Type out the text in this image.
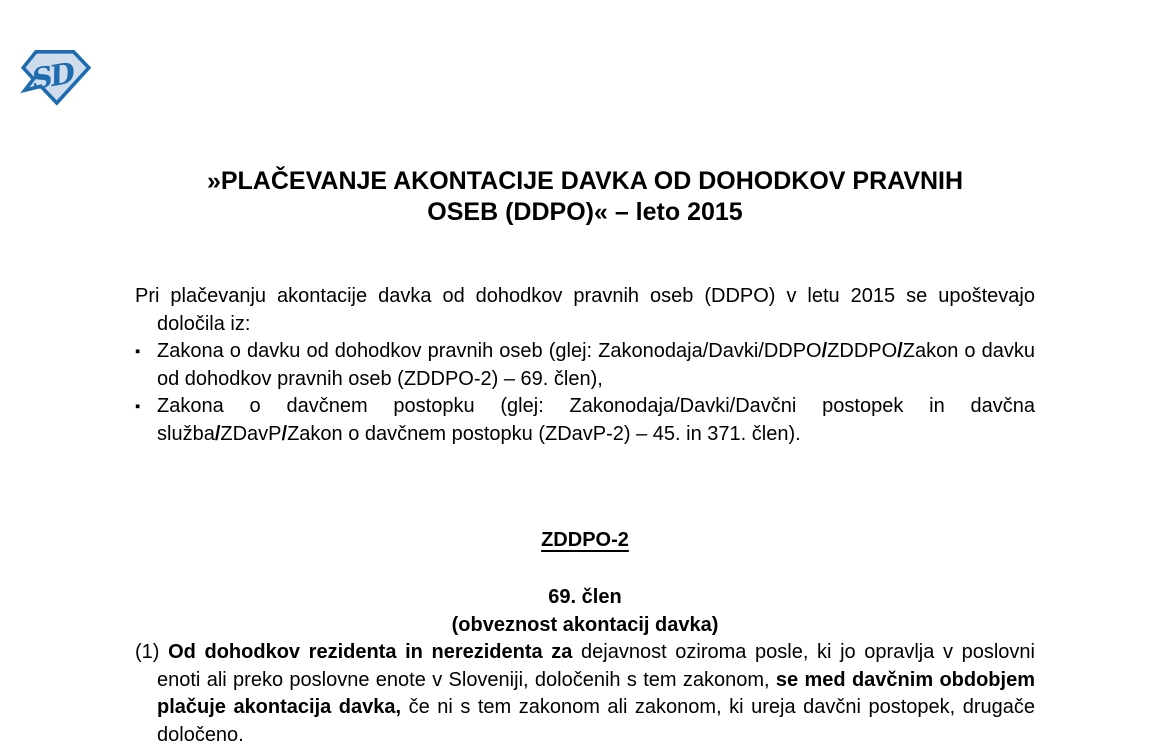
SD
»PLAČEVANJE AKONTACIJE DAVKA OD DOHODKOV PRAVNIH
OSEB (DDPO)« – leto 2015

Pri plačevanju akontacije davka od dohodkov pravnih oseb (DDPO) v letu 2015 se upoštevajo določila iz:

▪ Zakona o davku od dohodkov pravnih oseb (glej: Zakonodaja/Davki/DDPO/ZDDPO/Zakon o davku od dohodkov pravnih oseb (ZDDPO-2) – 69. člen),

▪ Zakona o davčnem postopku (glej: Zakonodaja/Davki/Davčni postopek in davčna služba/ZDavP/Zakon o davčnem postopku (ZDavP-2) – 45. in 371. člen).

ZDDPO-2
69. člen
(obveznost akontacij davka)

(1) Od dohodkov rezidenta in nerezidenta za dejavnost oziroma posle, ki jo opravlja v poslovni enoti ali preko poslovne enote v Sloveniji, določenih s tem zakonom, se med davčnim obdobjem plačuje akontacija davka, če ni s tem zakonom ali zakonom, ki ureja davčni postopek, drugače določeno.
